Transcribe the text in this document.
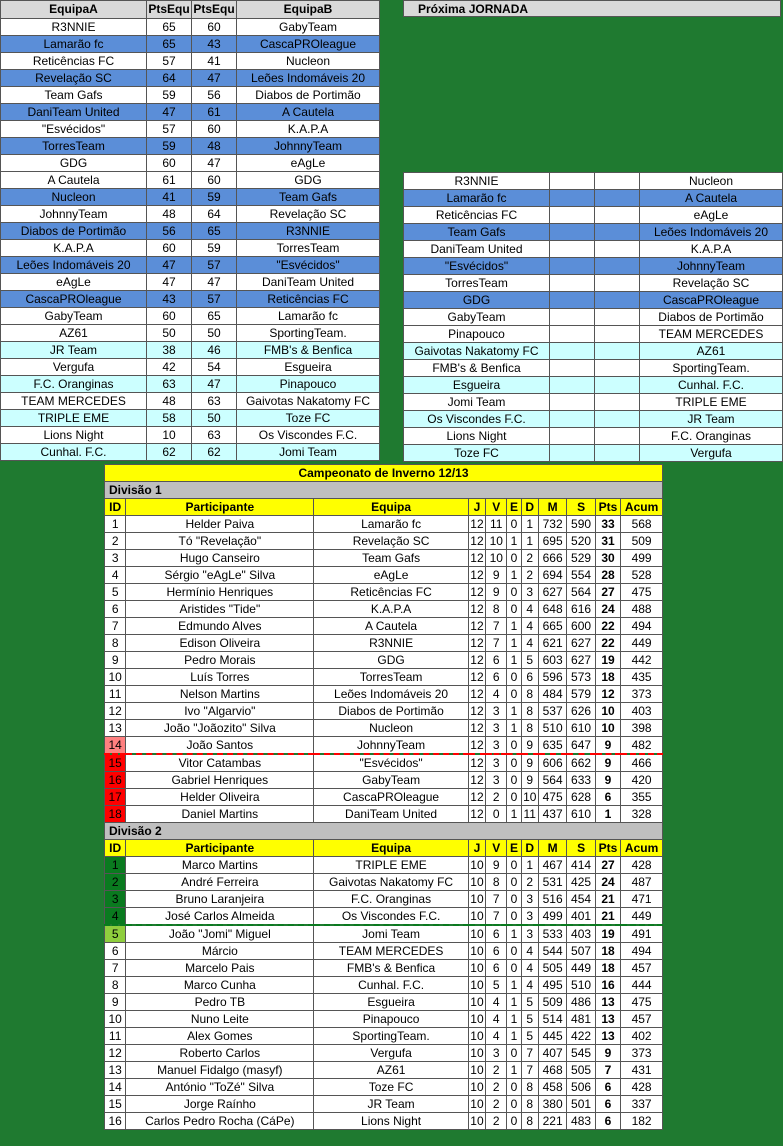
EquipaA	PtsEqu	PtsEqu	EquipaB
R3NNIE	65	60	GabyTeam
Lamarão fc	65	43	CascaPROleague
Reticências FC	57	41	Nucleon
Revelação SC	64	47	Leões Indomáveis 20
Team Gafs	59	56	Diabos de Portimão
DaniTeam United	47	61	A Cautela
"Esvécidos"	57	60	K.A.P.A
TorresTeam	59	48	JohnnyTeam
GDG	60	47	eAgLe
A Cautela	61	60	GDG
Nucleon	41	59	Team Gafs
JohnnyTeam	48	64	Revelação SC
Diabos de Portimão	56	65	R3NNIE
K.A.P.A	60	59	TorresTeam
Leões Indomáveis 20	47	57	"Esvécidos"
eAgLe	47	47	DaniTeam United
CascaPROleague	43	57	Reticências FC
GabyTeam	60	65	Lamarão fc
AZ61	50	50	SportingTeam.
JR Team	38	46	FMB's & Benfica
Vergufa	42	54	Esgueira
F.C. Oranginas	63	47	Pinapouco
TEAM MERCEDES	48	63	Gaivotas Nakatomy FC
TRIPLE EME	58	50	Toze FC
Lions Night	10	63	Os Viscondes F.C.
Cunhal. F.C.	62	62	Jomi Team
Próxima JORNADA
R3NNIE			Nucleon
Lamarão fc			A Cautela
Reticências FC			eAgLe
Team Gafs			Leões Indomáveis 20
DaniTeam United			K.A.P.A
"Esvécidos"			JohnnyTeam
TorresTeam			Revelação SC
GDG			CascaPROleague
GabyTeam			Diabos de Portimão
Pinapouco			TEAM MERCEDES
Gaivotas Nakatomy FC			AZ61
FMB's & Benfica			SportingTeam.
Esgueira			Cunhal. F.C.
Jomi Team			TRIPLE EME
Os Viscondes F.C.			JR Team
Lions Night			F.C. Oranginas
Toze FC			Vergufa
Campeonato de Inverno 12/13										
Divisão 1										
ID	Participante	Equipa	J	V	E	D	M	S	Pts	Acum
1	Helder Paiva	Lamarão fc	12	11	0	1	732	590	33	568
2	Tó "Revelação"	Revelação SC	12	10	1	1	695	520	31	509
3	Hugo Canseiro	Team Gafs	12	10	0	2	666	529	30	499
4	Sérgio "eAgLe" Silva	eAgLe	12	9	1	2	694	554	28	528
5	Hermínio Henriques	Reticências FC	12	9	0	3	627	564	27	475
6	Aristides "Tide"	K.A.P.A	12	8	0	4	648	616	24	488
7	Edmundo Alves	A Cautela	12	7	1	4	665	600	22	494
8	Edison Oliveira	R3NNIE	12	7	1	4	621	627	22	449
9	Pedro Morais	GDG	12	6	1	5	603	627	19	442
10	Luís Torres	TorresTeam	12	6	0	6	596	573	18	435
11	Nelson Martins	Leões Indomáveis 20	12	4	0	8	484	579	12	373
12	Ivo "Algarvio"	Diabos de Portimão	12	3	1	8	537	626	10	403
13	João "Joãozito" Silva	Nucleon	12	3	1	8	510	610	10	398
14	João Santos	JohnnyTeam	12	3	0	9	635	647	9	482
15	Vitor Catambas	"Esvécidos"	12	3	0	9	606	662	9	466
16	Gabriel Henriques	GabyTeam	12	3	0	9	564	633	9	420
17	Helder Oliveira	CascaPROleague	12	2	0	10	475	628	6	355
18	Daniel Martins	DaniTeam United	12	0	1	11	437	610	1	328
Divisão 2										
ID	Participante	Equipa	J	V	E	D	M	S	Pts	Acum
1	Marco Martins	TRIPLE EME	10	9	0	1	467	414	27	428
2	André Ferreira	Gaivotas Nakatomy FC	10	8	0	2	531	425	24	487
3	Bruno Laranjeira	F.C. Oranginas	10	7	0	3	516	454	21	471
4	José Carlos Almeida	Os Viscondes F.C.	10	7	0	3	499	401	21	449
5	João "Jomi" Miguel	Jomi Team	10	6	1	3	533	403	19	491
6	Márcio	TEAM MERCEDES	10	6	0	4	544	507	18	494
7	Marcelo Pais	FMB's & Benfica	10	6	0	4	505	449	18	457
8	Marco Cunha	Cunhal. F.C.	10	5	1	4	495	510	16	444
9	Pedro TB	Esgueira	10	4	1	5	509	486	13	475
10	Nuno Leite	Pinapouco	10	4	1	5	514	481	13	457
11	Alex Gomes	SportingTeam.	10	4	1	5	445	422	13	402
12	Roberto Carlos	Vergufa	10	3	0	7	407	545	9	373
13	Manuel Fidalgo (masyf)	AZ61	10	2	1	7	468	505	7	431
14	António "ToZé" Silva	Toze FC	10	2	0	8	458	506	6	428
15	Jorge Raínho	JR Team	10	2	0	8	380	501	6	337
16	Carlos Pedro Rocha (CáPe)	Lions Night	10	2	0	8	221	483	6	182
